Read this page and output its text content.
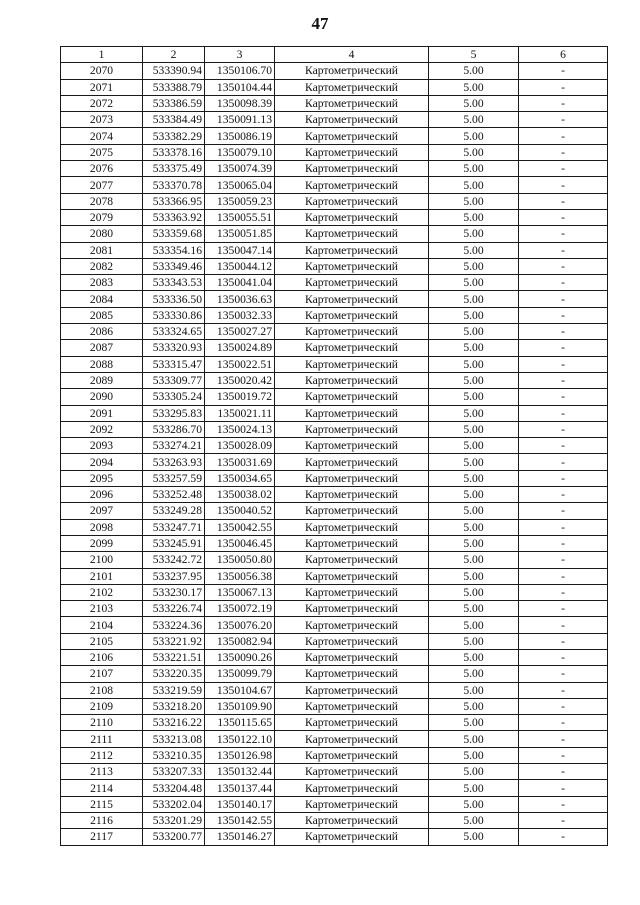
47
1	2	3	4	5	6
2070	533390.94	1350106.70	Картометрический	5.00	-
2071	533388.79	1350104.44	Картометрический	5.00	-
2072	533386.59	1350098.39	Картометрический	5.00	-
2073	533384.49	1350091.13	Картометрический	5.00	-
2074	533382.29	1350086.19	Картометрический	5.00	-
2075	533378.16	1350079.10	Картометрический	5.00	-
2076	533375.49	1350074.39	Картометрический	5.00	-
2077	533370.78	1350065.04	Картометрический	5.00	-
2078	533366.95	1350059.23	Картометрический	5.00	-
2079	533363.92	1350055.51	Картометрический	5.00	-
2080	533359.68	1350051.85	Картометрический	5.00	-
2081	533354.16	1350047.14	Картометрический	5.00	-
2082	533349.46	1350044.12	Картометрический	5.00	-
2083	533343.53	1350041.04	Картометрический	5.00	-
2084	533336.50	1350036.63	Картометрический	5.00	-
2085	533330.86	1350032.33	Картометрический	5.00	-
2086	533324.65	1350027.27	Картометрический	5.00	-
2087	533320.93	1350024.89	Картометрический	5.00	-
2088	533315.47	1350022.51	Картометрический	5.00	-
2089	533309.77	1350020.42	Картометрический	5.00	-
2090	533305.24	1350019.72	Картометрический	5.00	-
2091	533295.83	1350021.11	Картометрический	5.00	-
2092	533286.70	1350024.13	Картометрический	5.00	-
2093	533274.21	1350028.09	Картометрический	5.00	-
2094	533263.93	1350031.69	Картометрический	5.00	-
2095	533257.59	1350034.65	Картометрический	5.00	-
2096	533252.48	1350038.02	Картометрический	5.00	-
2097	533249.28	1350040.52	Картометрический	5.00	-
2098	533247.71	1350042.55	Картометрический	5.00	-
2099	533245.91	1350046.45	Картометрический	5.00	-
2100	533242.72	1350050.80	Картометрический	5.00	-
2101	533237.95	1350056.38	Картометрический	5.00	-
2102	533230.17	1350067.13	Картометрический	5.00	-
2103	533226.74	1350072.19	Картометрический	5.00	-
2104	533224.36	1350076.20	Картометрический	5.00	-
2105	533221.92	1350082.94	Картометрический	5.00	-
2106	533221.51	1350090.26	Картометрический	5.00	-
2107	533220.35	1350099.79	Картометрический	5.00	-
2108	533219.59	1350104.67	Картометрический	5.00	-
2109	533218.20	1350109.90	Картометрический	5.00	-
2110	533216.22	1350115.65	Картометрический	5.00	-
2111	533213.08	1350122.10	Картометрический	5.00	-
2112	533210.35	1350126.98	Картометрический	5.00	-
2113	533207.33	1350132.44	Картометрический	5.00	-
2114	533204.48	1350137.44	Картометрический	5.00	-
2115	533202.04	1350140.17	Картометрический	5.00	-
2116	533201.29	1350142.55	Картометрический	5.00	-
2117	533200.77	1350146.27	Картометрический	5.00	-
